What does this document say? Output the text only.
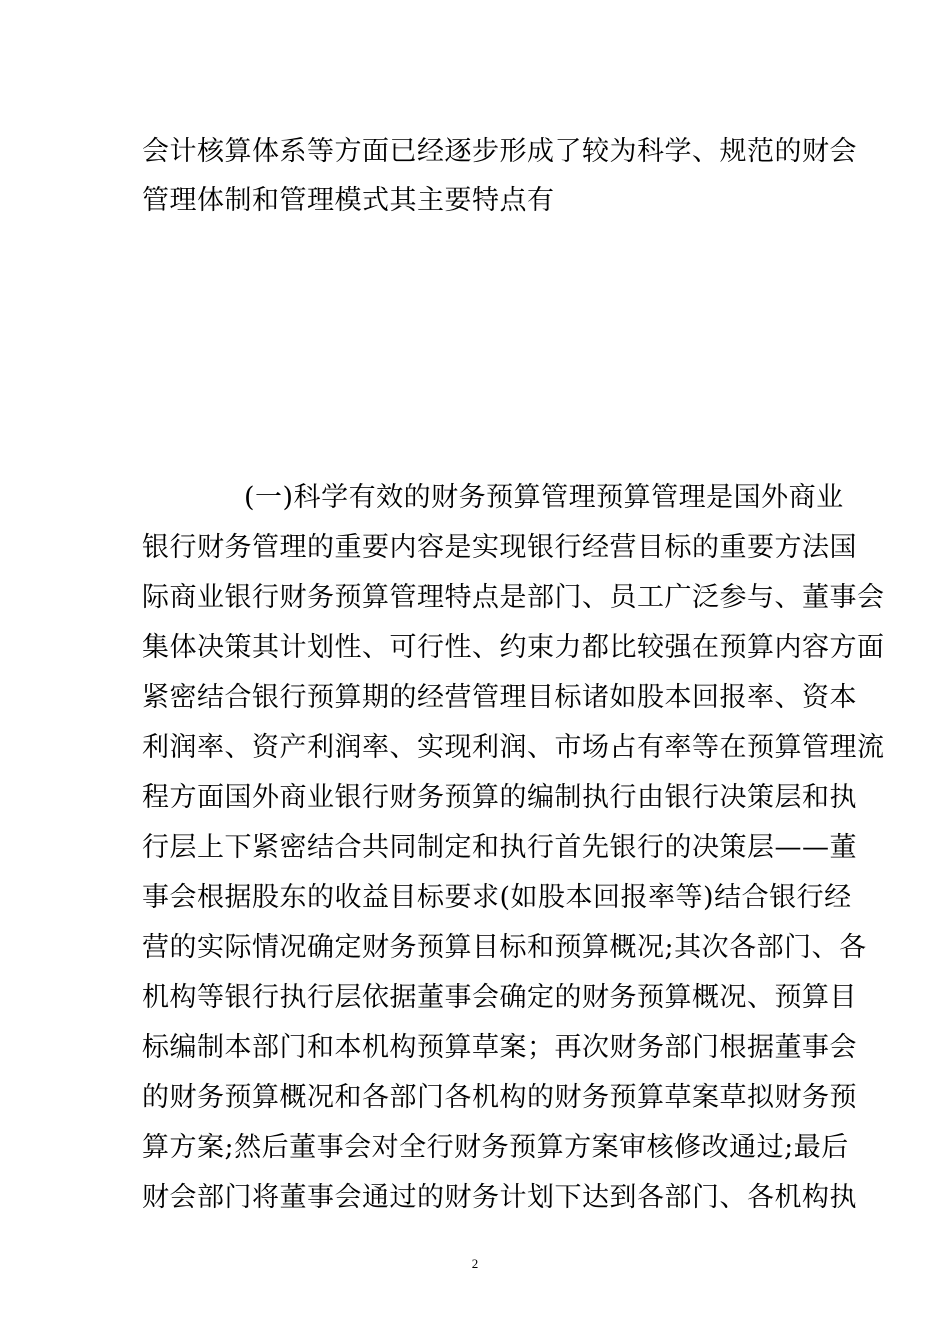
会计核算体系等方面已经逐步形成了较为科学、规范的财会
管理体制和管理模式其主要特点有
(一)科学有效的财务预算管理预算管理是国外商业
银行财务管理的重要内容是实现银行经营目标的重要方法国
际商业银行财务预算管理特点是部门、员工广泛参与、董事会
集体决策其计划性、可行性、约束力都比较强在预算内容方面
紧密结合银行预算期的经营管理目标诸如股本回报率、资本
利润率、资产利润率、实现利润、市场占有率等在预算管理流
程方面国外商业银行财务预算的编制执行由银行决策层和执
行层上下紧密结合共同制定和执行首先银行的决策层——董
事会根据股东的收益目标要求(如股本回报率等)结合银行经
营的实际情况确定财务预算目标和预算概况;其次各部门、各
机构等银行执行层依据董事会确定的财务预算概况、预算目
标编制本部门和本机构预算草案；再次财务部门根据董事会
的财务预算概况和各部门各机构的财务预算草案草拟财务预
算方案;然后董事会对全行财务预算方案审核修改通过;最后
财会部门将董事会通过的财务计划下达到各部门、各机构执
2
